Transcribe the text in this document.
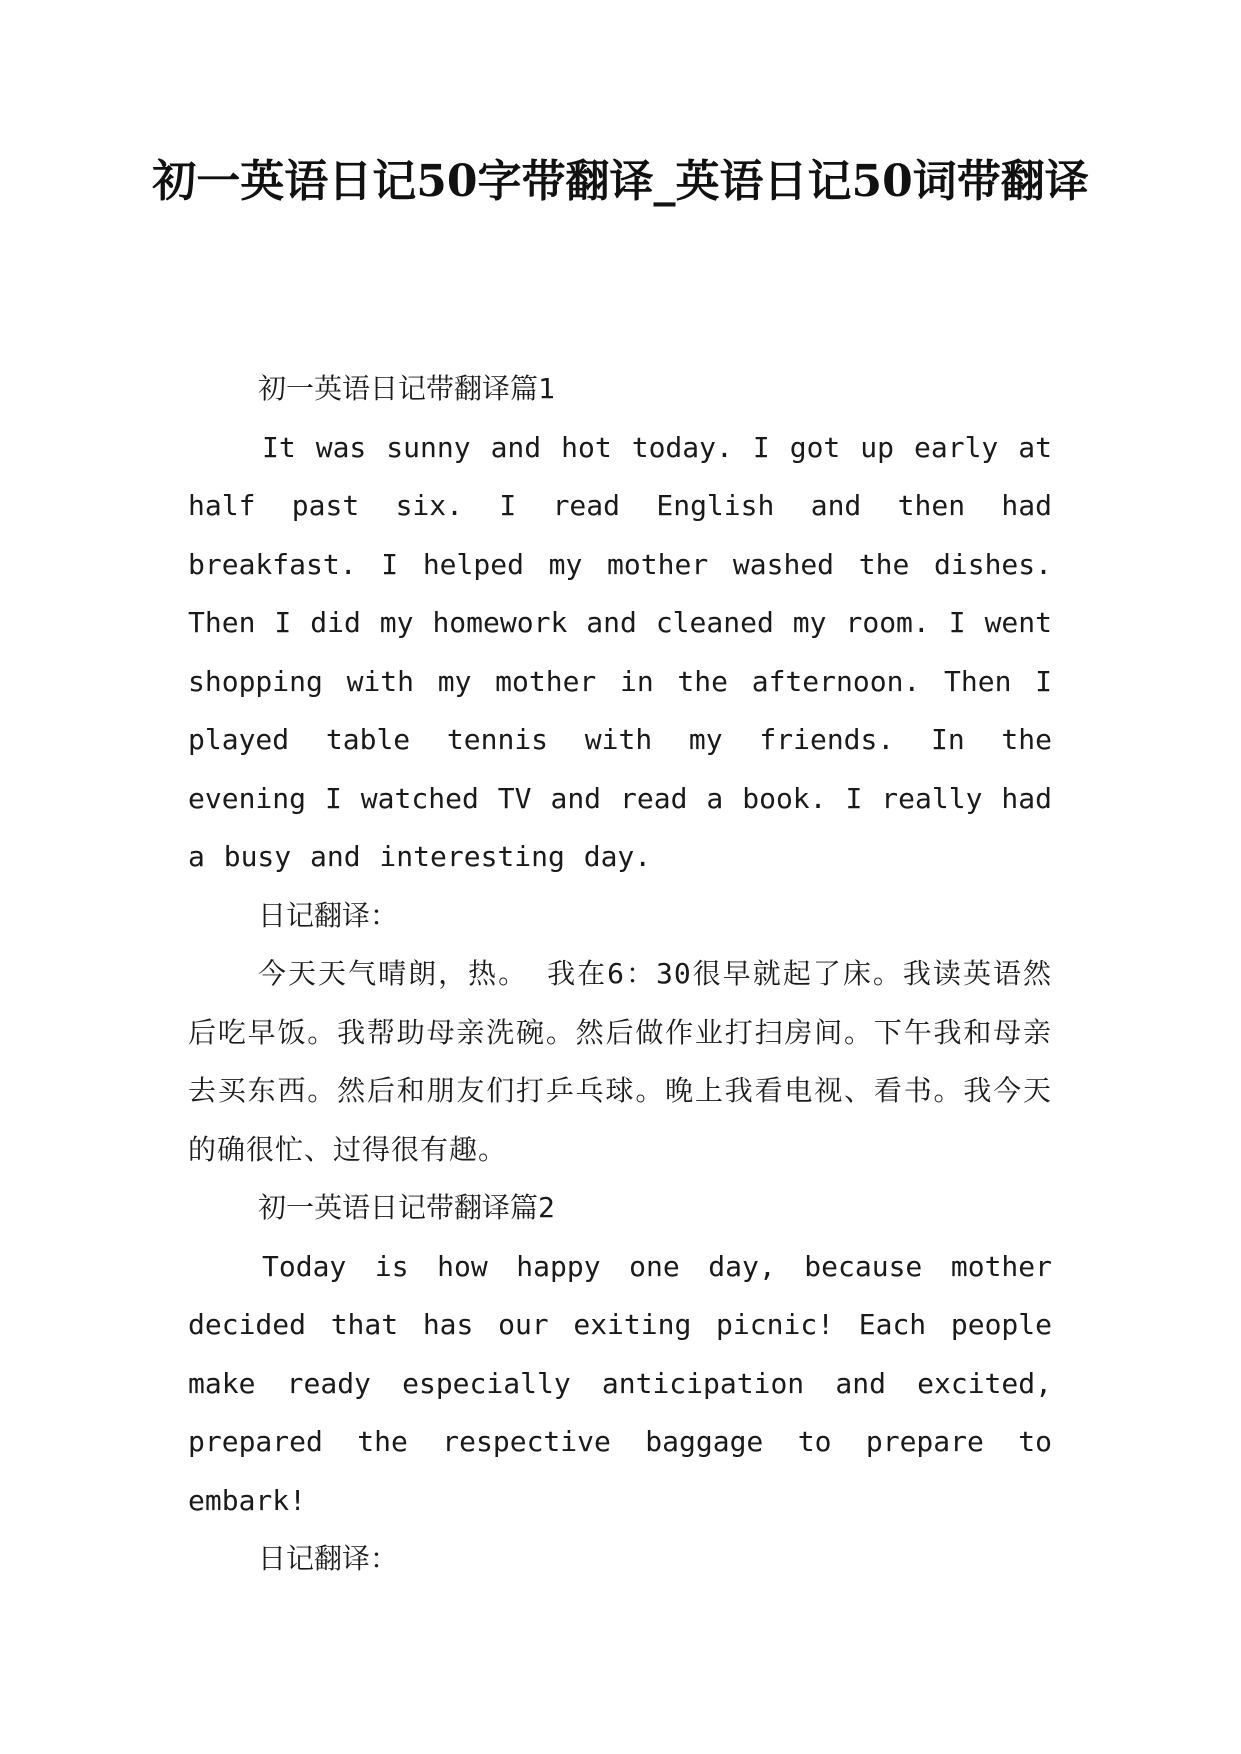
初一英语日记50字带翻译_英语日记50词带翻译

初一英语日记带翻译篇1

It was sunny and hot today. I got up early at half past six. I read English and then had breakfast. I helped my mother washed the dishes. Then I did my homework and cleaned my room. I went shopping with my mother in the afternoon. Then I played table tennis with my friends. In the evening I watched TV and read a book. I really had a busy and interesting day.

日记翻译：

今天天气晴朗，热。 我在6：30很早就起了床。我读英语然后吃早饭。我帮助母亲洗碗。然后做作业打扫房间。下午我和母亲去买东西。然后和朋友们打乒乓球。晚上我看电视、看书。我今天的确很忙、过得很有趣。

初一英语日记带翻译篇2

Today is how happy one day, because mother decided that has our exiting picnic! Each people make ready especially anticipation and excited, prepared the respective baggage to prepare to embark!

日记翻译：
